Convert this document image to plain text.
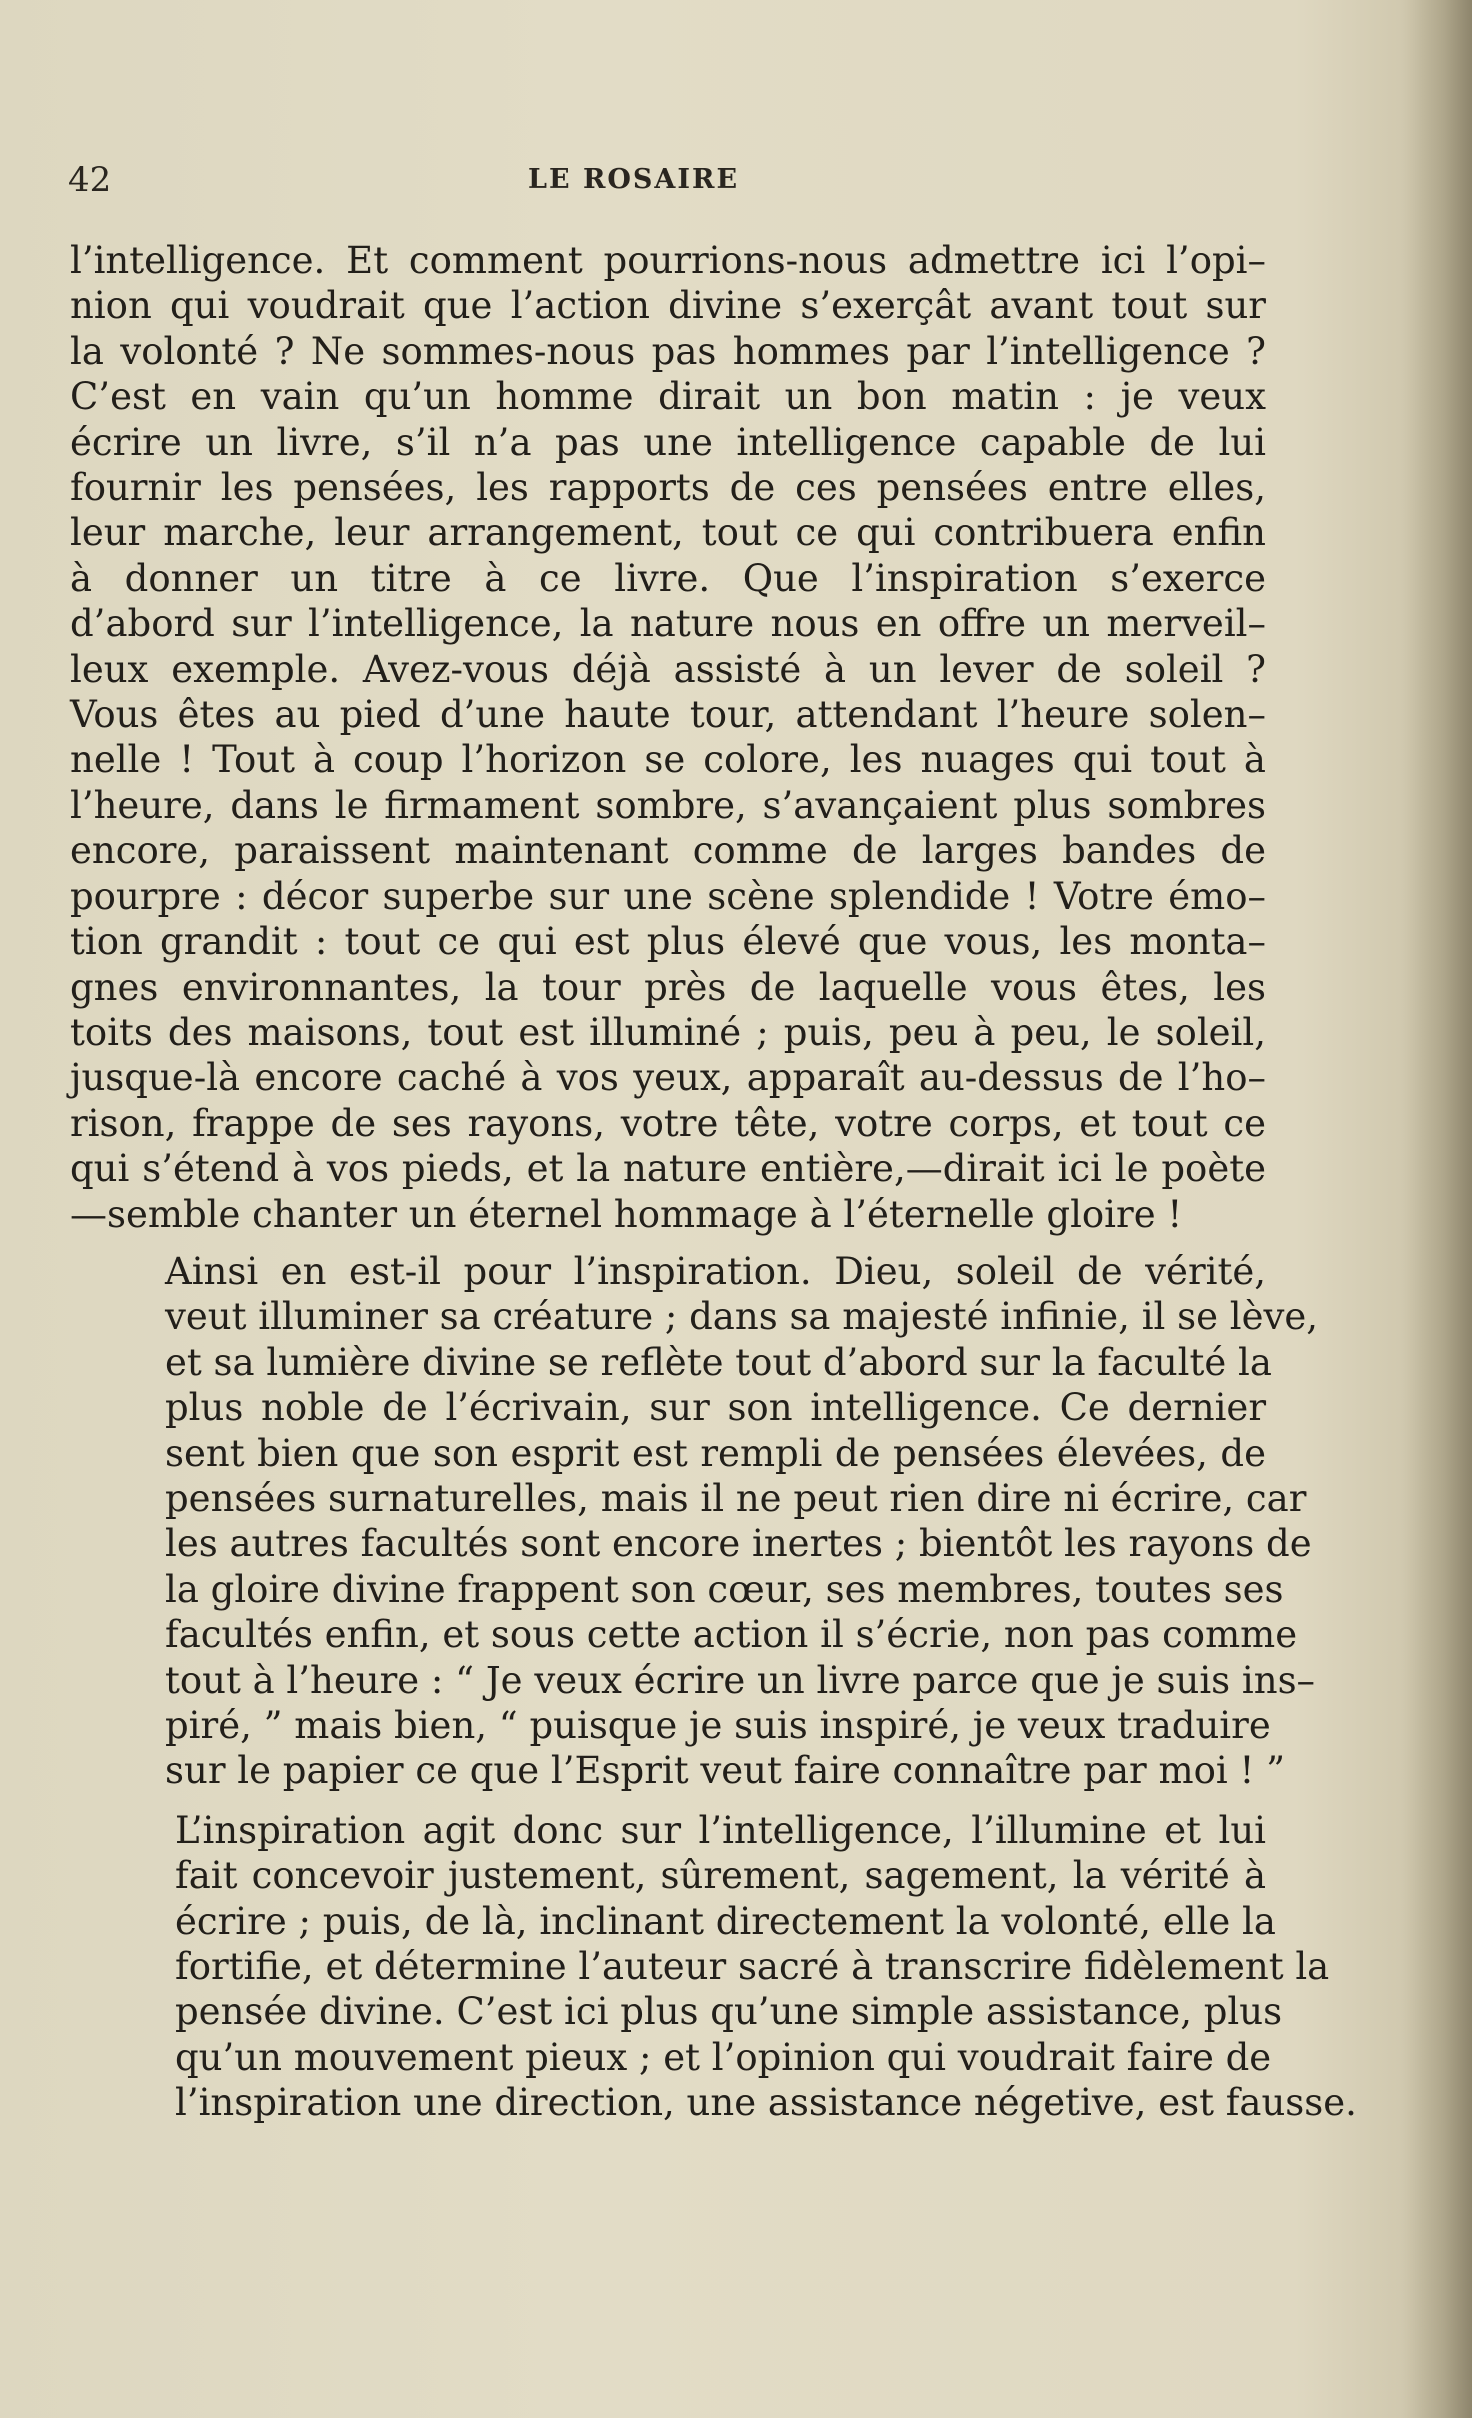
42	LE ROSAIRE
l’intelligence. Et comment pourrions-nous admettre ici l’opi–
nion qui voudrait que l’action divine s’exerçât avant tout sur
la volonté ? Ne sommes-nous pas hommes par l’intelligence ?
C’est en vain qu’un homme dirait un bon matin : je veux
écrire un livre, s’il n’a pas une intelligence capable de lui
fournir les pensées, les rapports de ces pensées entre elles,
leur marche, leur arrangement, tout ce qui contribuera enfin
à donner un titre à ce livre. Que l’inspiration s’exerce
d’abord sur l’intelligence, la nature nous en offre un merveil–
leux exemple. Avez-vous déjà assisté à un lever de soleil ?
Vous êtes au pied d’une haute tour, attendant l’heure solen–
nelle ! Tout à coup l’horizon se colore, les nuages qui tout à
l’heure, dans le firmament sombre, s’avançaient plus sombres
encore, paraissent maintenant comme de larges bandes de
pourpre : décor superbe sur une scène splendide ! Votre émo–
tion grandit : tout ce qui est plus élevé que vous, les monta–
gnes environnantes, la tour près de laquelle vous êtes, les
toits des maisons, tout est illuminé ; puis, peu à peu, le soleil,
jusque-là encore caché à vos yeux, apparaît au-dessus de l’ho–
rison, frappe de ses rayons, votre tête, votre corps, et tout ce
qui s’étend à vos pieds, et la nature entière,—dirait ici le poète
—semble chanter un éternel hommage à l’éternelle gloire !
Ainsi en est-il pour l’inspiration. Dieu, soleil de vérité,
veut illuminer sa créature ; dans sa majesté infinie, il se lève,
et sa lumière divine se reflète tout d’abord sur la faculté la
plus noble de l’écrivain, sur son intelligence. Ce dernier
sent bien que son esprit est rempli de pensées élevées, de
pensées surnaturelles, mais il ne peut rien dire ni écrire, car
les autres facultés sont encore inertes ; bientôt les rayons de
la gloire divine frappent son cœur, ses membres, toutes ses
facultés enfin, et sous cette action il s’écrie, non pas comme
tout à l’heure : “ Je veux écrire un livre parce que je suis ins–
piré, ” mais bien, “ puisque je suis inspiré, je veux traduire
sur le papier ce que l’Esprit veut faire connaître par moi ! ”
L’inspiration agit donc sur l’intelligence, l’illumine et lui
fait concevoir justement, sûrement, sagement, la vérité à
écrire ; puis, de là, inclinant directement la volonté, elle la
fortifie, et détermine l’auteur sacré à transcrire fidèlement la
pensée divine. C’est ici plus qu’une simple assistance, plus
qu’un mouvement pieux ; et l’opinion qui voudrait faire de
l’inspiration une direction, une assistance négetive, est fausse.
